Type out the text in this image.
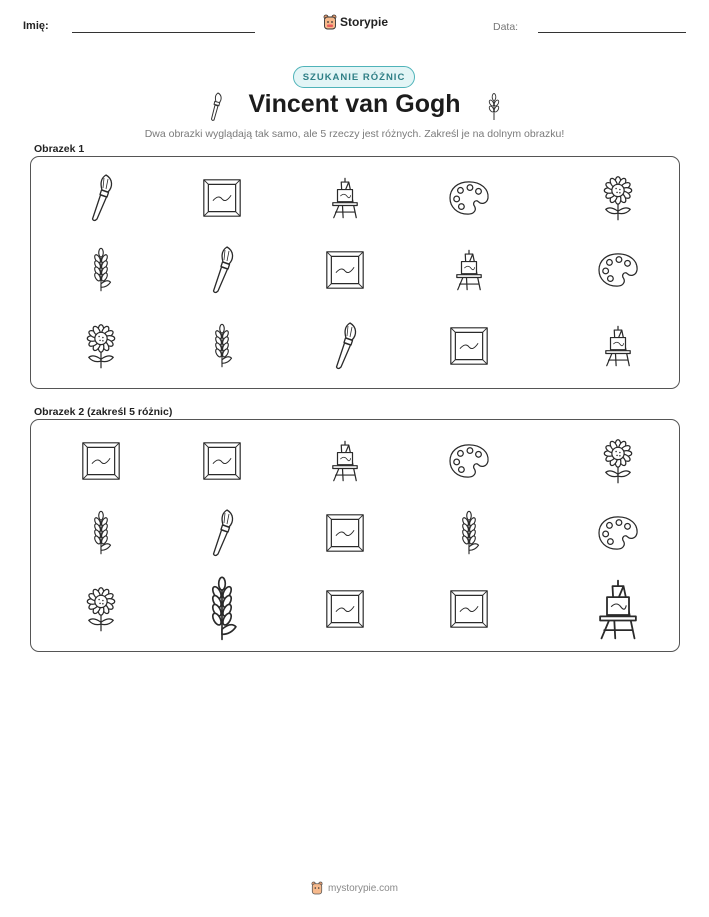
Imię:	Storypie	Data:
SZUKANIE RÓŻNIC
Vincent van Gogh
Dwa obrazki wyglądają tak samo, ale 5 rzeczy jest różnych. Zakreśl je na dolnym obrazku!
Obrazek 1
Obrazek 2 (zakreśl 5 różnic)
mystorypie.com
